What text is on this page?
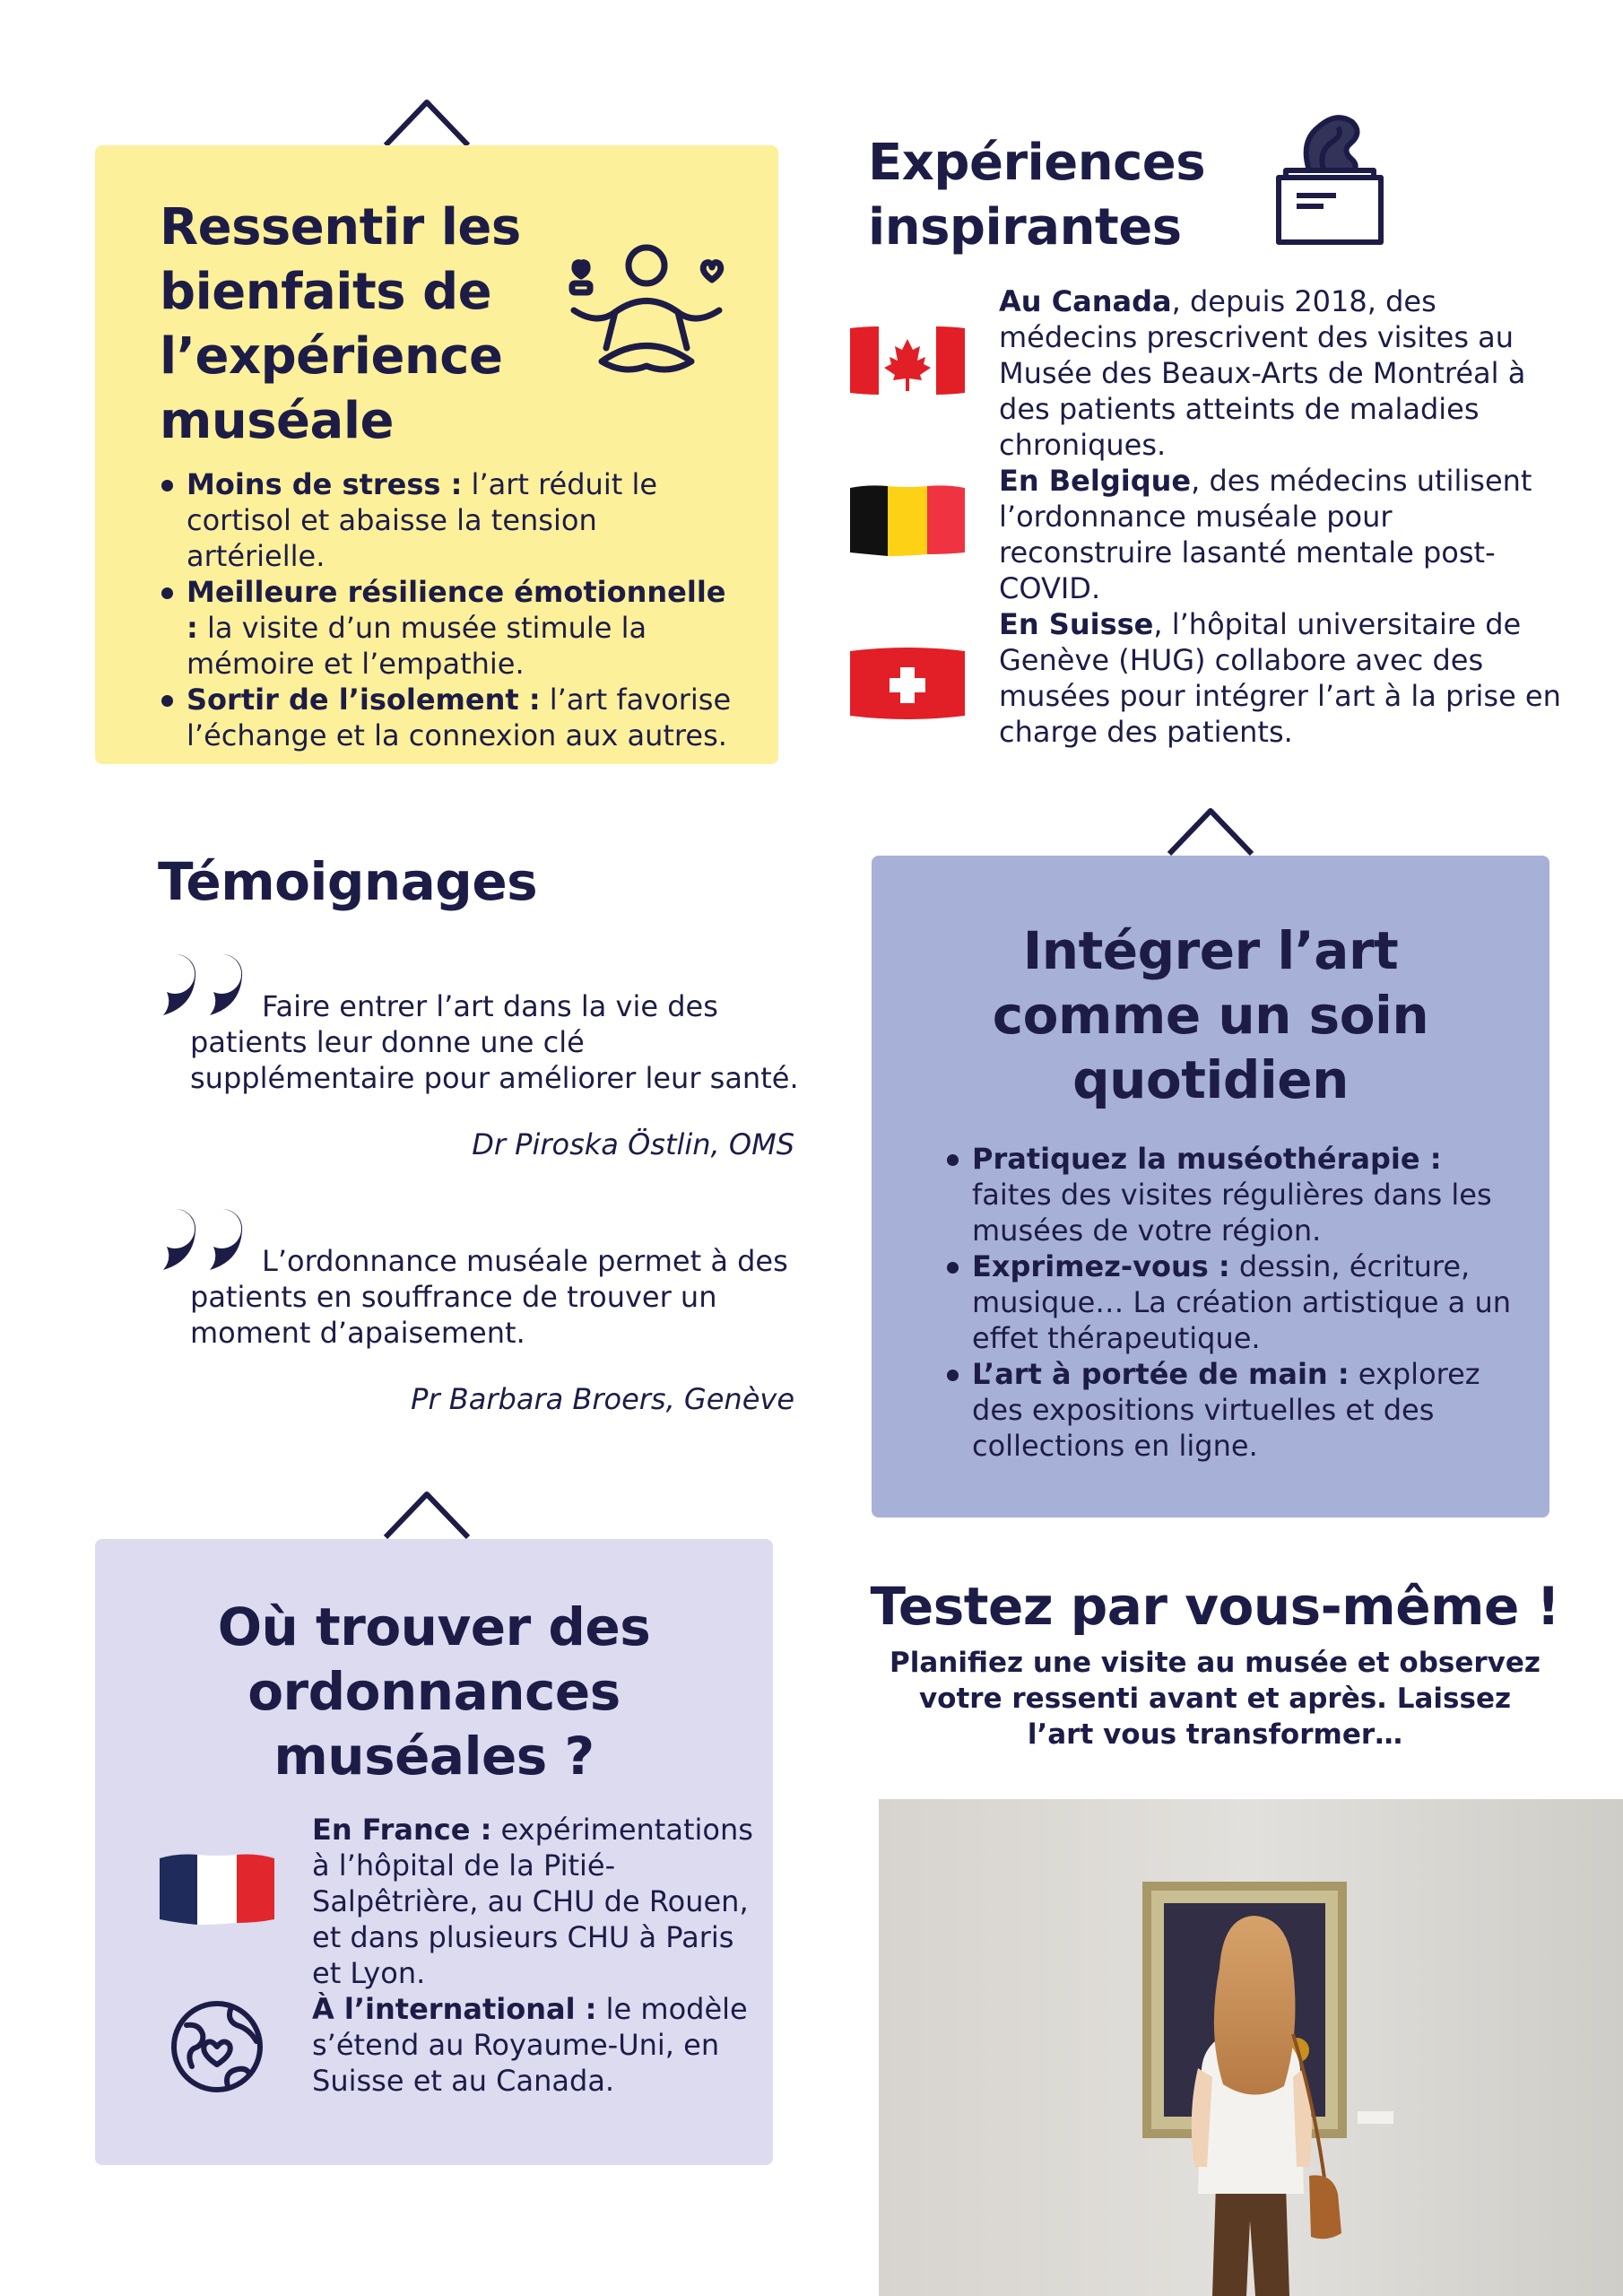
Ressentir les
bienfaits de
l’expérience
muséale
Moins de stress : l’art réduit le cortisol et abaisse la tension artérielle.
Meilleure résilience émotionnelle : la visite d’un musée stimule la mémoire et l’empathie.
Sortir de l’isolement : l’art favorise l’échange et la connexion aux autres.
Expériences
inspirantes
Au Canada, depuis 2018, des médecins prescrivent des visites au Musée des Beaux-Arts de Montréal à des patients atteints de maladies chroniques.
En Belgique, des médecins utilisent l’ordonnance muséale pour reconstruire lasanté mentale post-COVID.
En Suisse, l’hôpital universitaire de Genève (HUG) collabore avec des musées pour intégrer l’art à la prise en charge des patients.
Témoignages
Faire entrer l’art dans la vie des patients leur donne une clé supplémentaire pour améliorer leur santé.
Dr Piroska Östlin, OMS
L’ordonnance muséale permet à des patients en souffrance de trouver un moment d’apaisement.
Pr Barbara Broers, Genève
Intégrer l’art
comme un soin
quotidien
Pratiquez la muséothérapie : faites des visites régulières dans les musées de votre région.
Exprimez-vous : dessin, écriture, musique… La création artistique a un effet thérapeutique.
L’art à portée de main : explorez des expositions virtuelles et des collections en ligne.
Où trouver des
ordonnances
muséales ?
En France : expérimentations à l’hôpital de la Pitié-Salpêtrière, au CHU de Rouen, et dans plusieurs CHU à Paris et Lyon.
À l’international : le modèle s’étend au Royaume-Uni, en Suisse et au Canada.
Testez par vous-même !
Planifiez une visite au musée et observez votre ressenti avant et après. Laissez l’art vous transformer…
